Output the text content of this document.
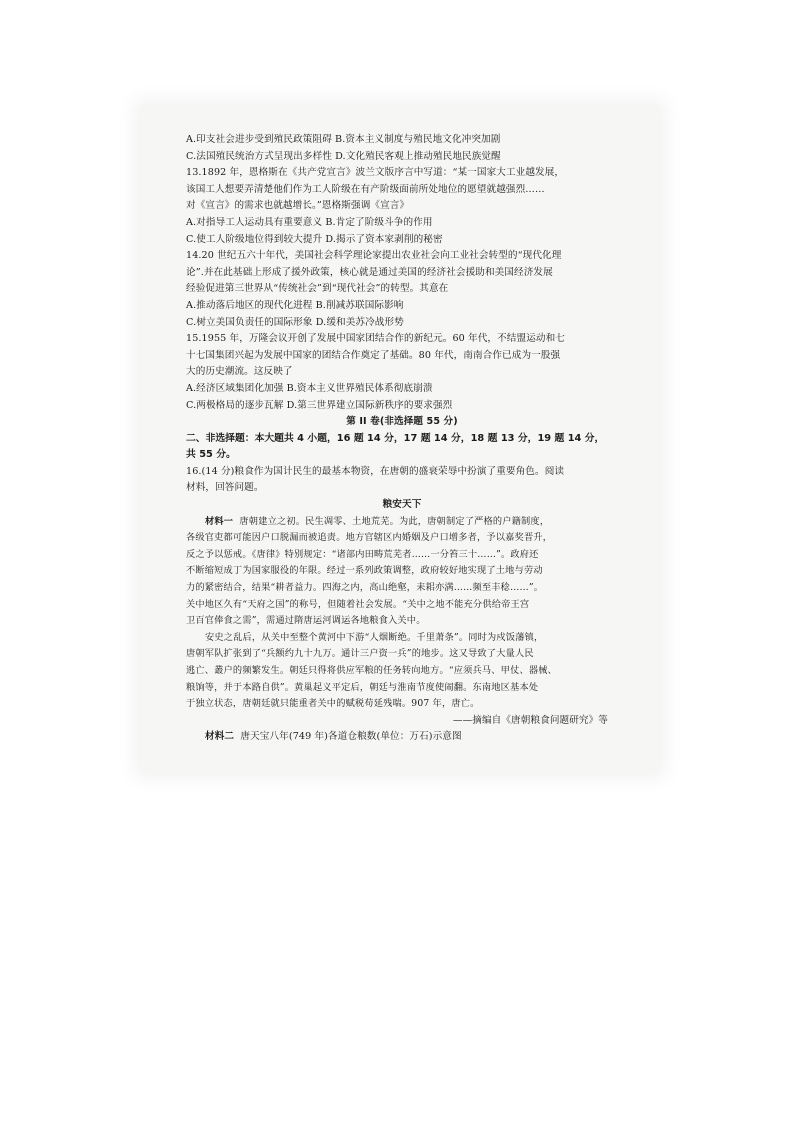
A.印支社会进步受到殖民政策阻碍 B.资本主义制度与殖民地文化冲突加剧
C.法国殖民统治方式呈现出多样性 D.文化殖民客观上推动殖民地民族觉醒
13.1892 年，恩格斯在《共产党宣言》波兰文版序言中写道：“某一国家大工业越发展，
该国工人想要弄清楚他们作为工人阶级在有产阶级面前所处地位的愿望就越强烈……
对《宣言》的需求也就越增长。”恩格斯强调《宣言》
A.对指导工人运动具有重要意义 B.肯定了阶级斗争的作用
C.使工人阶级地位得到较大提升 D.揭示了资本家剥削的秘密
14.20 世纪五六十年代，美国社会科学理论家提出农业社会向工业社会转型的“现代化理
论”.并在此基础上形成了援外政策，核心就是通过美国的经济社会援助和美国经济发展
经验促进第三世界从“传统社会”到“现代社会”的转型。其意在
A.推动落后地区的现代化进程 B.削减苏联国际影响
C.树立美国负责任的国际形象 D.缓和美苏冷战形势
15.1955 年，万隆会议开创了发展中国家团结合作的新纪元。60 年代，不结盟运动和七
十七国集团兴起为发展中国家的团结合作奠定了基础。80 年代，南南合作已成为一股强
大的历史潮流。这反映了
A.经济区域集团化加强 B.资本主义世界殖民体系彻底崩溃
C.两极格局的逐步瓦解 D.第三世界建立国际新秩序的要求强烈
第 II 卷(非选择题 55 分)
二、非选择题：本大题共 4 小题，16 题 14 分，17 题 14 分，18 题 13 分，19 题 14 分，
共 55 分。
16.(14 分)粮食作为国计民生的最基本物资，在唐朝的盛衰荣辱中扮演了重要角色。阅读
材料，回答问题。
粮安天下
材料一 唐朝建立之初。民生凋零、土地荒芜。为此，唐朝制定了严格的户籍制度，
各级官吏都可能因户口脱漏而被追责。地方官辖区内婚姻及户口增多者，予以嘉奖晋升，
反之予以惩戒。《唐律》特别规定：“诸部内田畴荒芜者……一分笞三十……”。政府还
不断缩短成丁为国家服役的年限。经过一系列政策调整，政府较好地实现了土地与劳动
力的紧密结合，结果“耕者益力。四海之内，高山绝壑，耒耜亦满……频至丰稔……”。
关中地区久有“天府之国”的称号，但随着社会发展。“关中之地不能充分供给帝王宫
卫百官俸食之需”，需通过隋唐运河调运各地粮食入关中。
安史之乱后，从关中至整个黄河中下游“人烟断绝。千里萧条”。同时为戍饭藩镇，
唐朝军队扩张到了“兵额约九十九万。通计三户资一兵”的地步。这又导致了大量人民
逃亡、叢户的频繁发生。朝廷只得将供应军粮的任务转向地方。“应须兵马、甲仗、器械、
粮饷等，并于本路自供”。黄巢起义平定后，朝廷与淮南节度使闹翻。东南地区基本处
于独立状态，唐朝廷就只能重者关中的赋税苟延残喘。907 年，唐亡。
——摘编自《唐朝粮食问题研究》等
材料二 唐天宝八年(749 年)各道仓粮数(单位：万石)示意图
